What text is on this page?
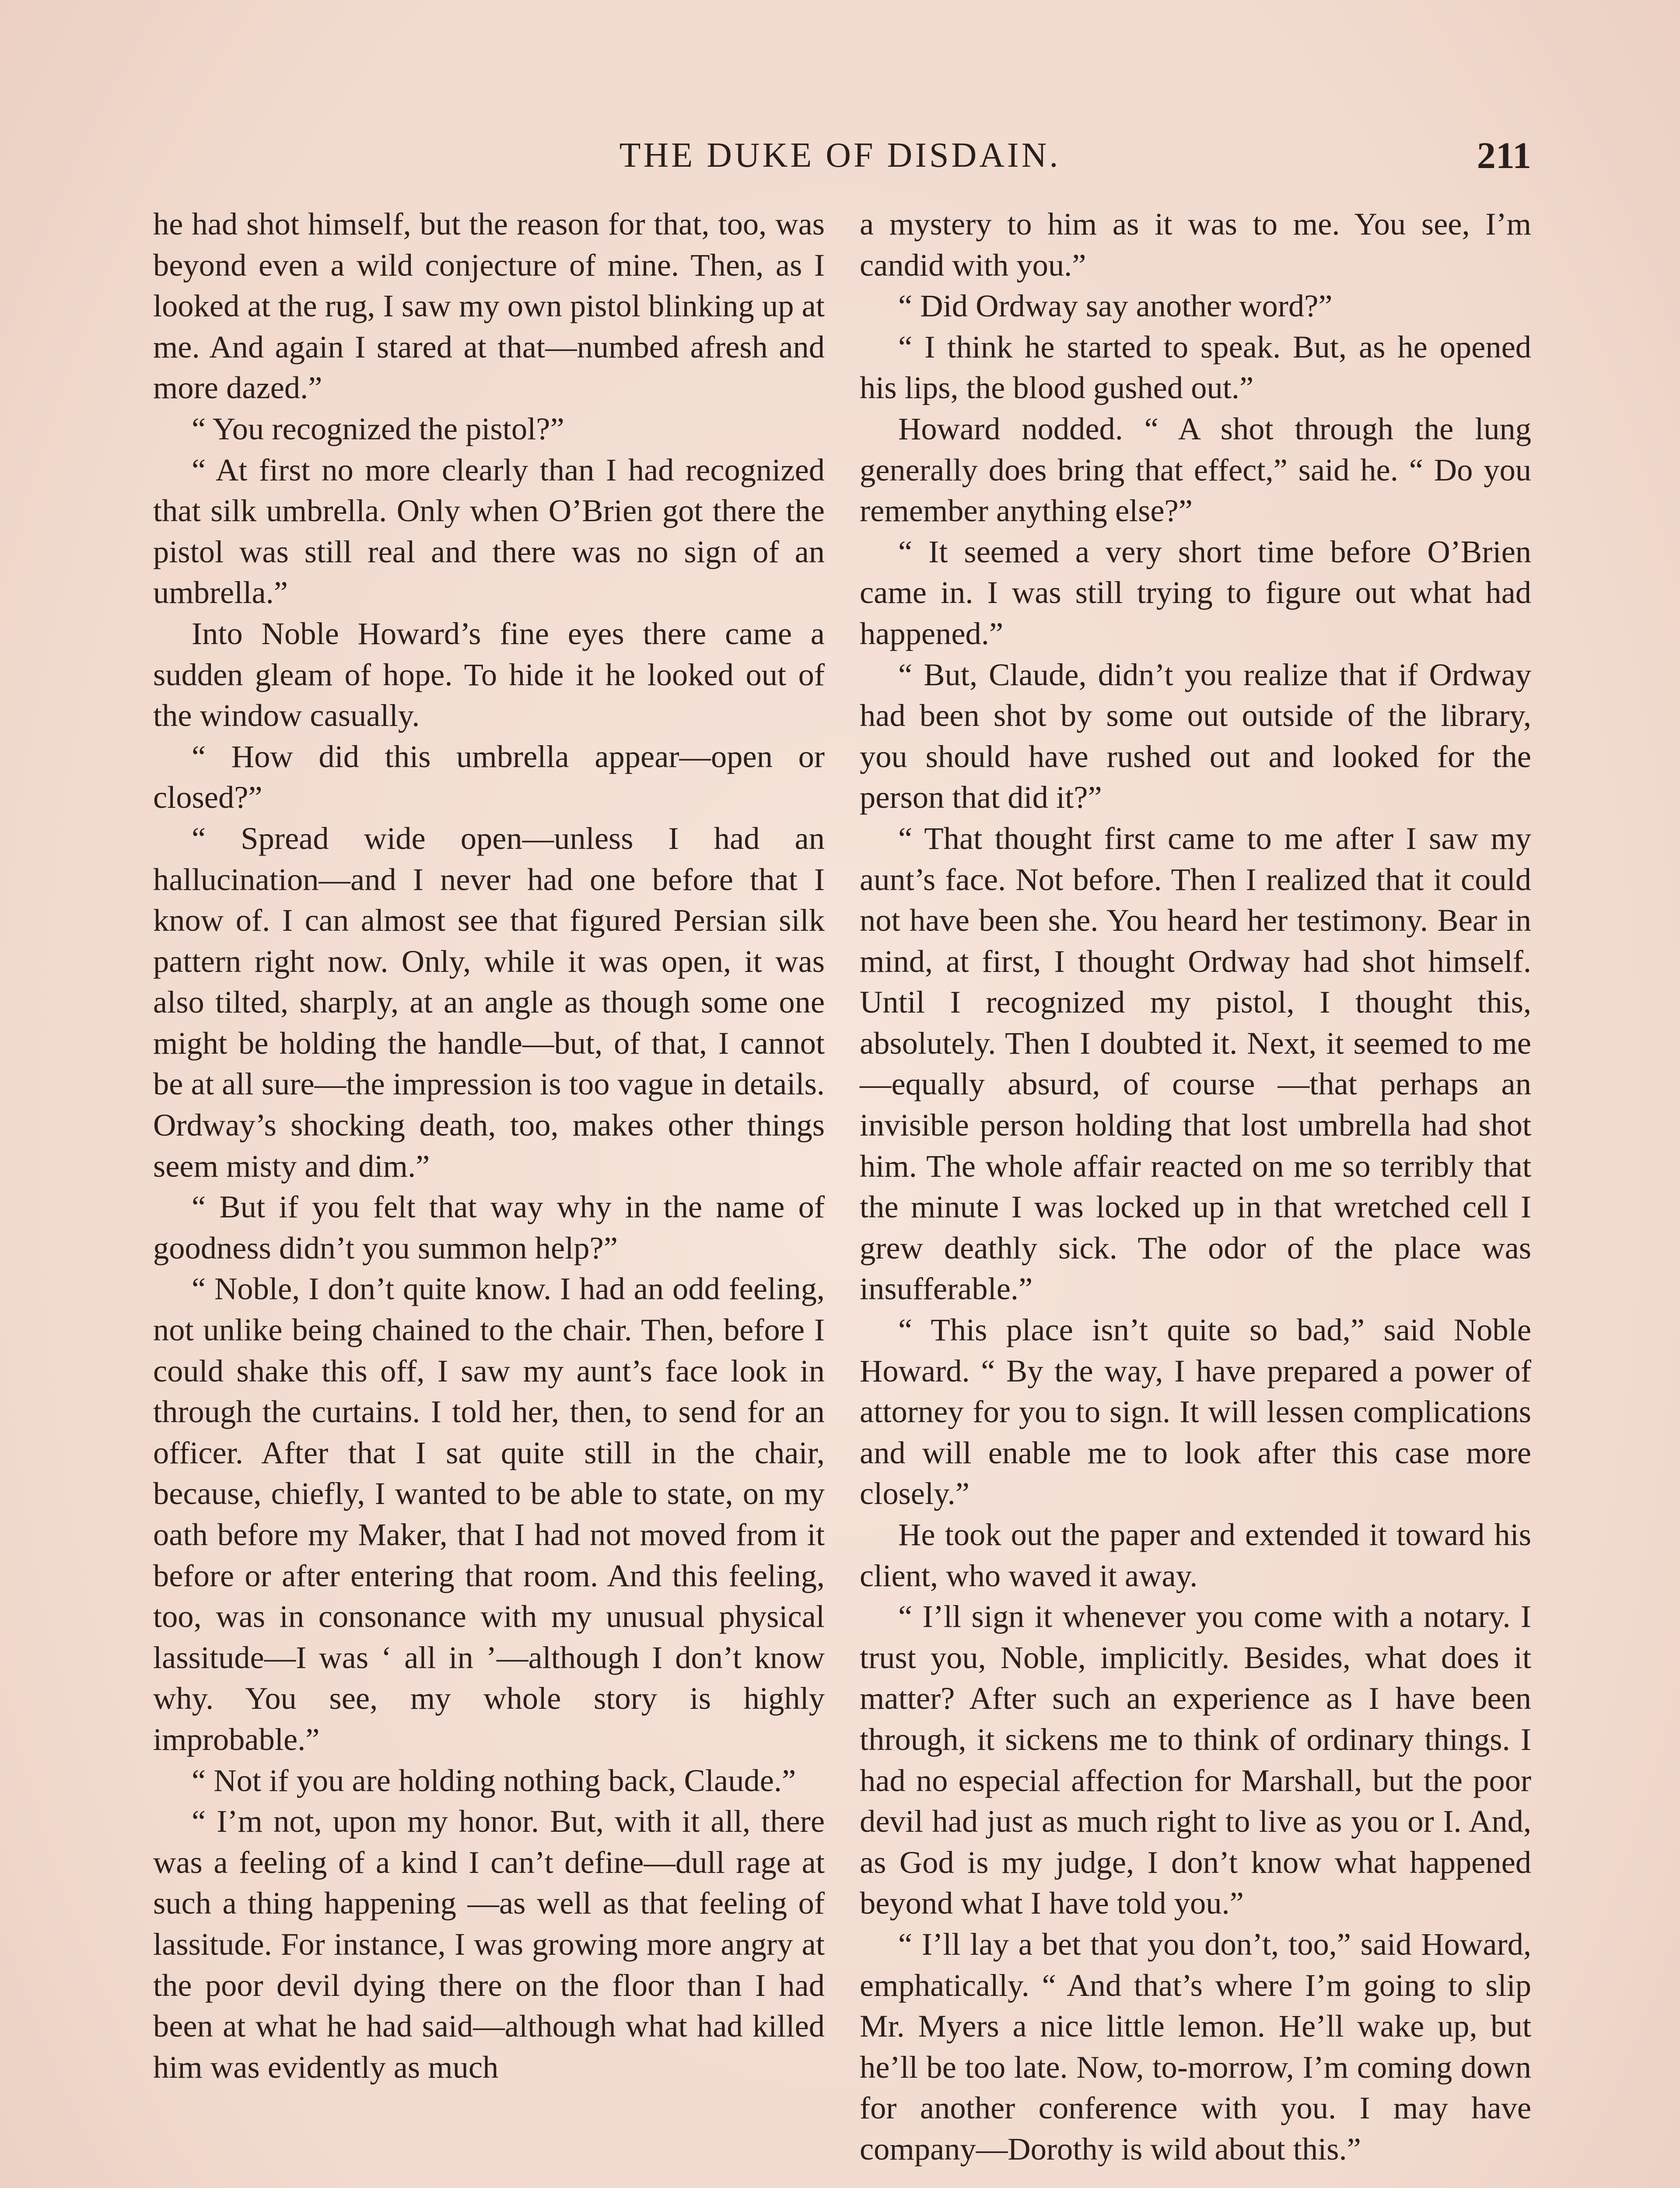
THE DUKE OF DISDAIN.	211

he had shot himself, but the reason for that, too, was beyond even a wild conjecture of mine. Then, as I looked at the rug, I saw my own pistol blinking up at me. And again I stared at that—numbed afresh and more dazed.”

“ You recognized the pistol?”

“ At first no more clearly than I had recognized that silk umbrella. Only when O’Brien got there the pistol was still real and there was no sign of an umbrella.”

Into Noble Howard’s fine eyes there came a sudden gleam of hope. To hide it he looked out of the window casually.

“ How did this umbrella appear—open or closed?”

“ Spread wide open—unless I had an hallucination—and I never had one before that I know of. I can almost see that figured Persian silk pattern right now. Only, while it was open, it was also tilted, sharply, at an angle as though some one might be holding the handle—but, of that, I cannot be at all sure—the impression is too vague in details. Ordway’s shocking death, too, makes other things seem misty and dim.”

“ But if you felt that way why in the name of goodness didn’t you summon help?”

“ Noble, I don’t quite know. I had an odd feeling, not unlike being chained to the chair. Then, before I could shake this off, I saw my aunt’s face look in through the curtains. I told her, then, to send for an officer. After that I sat quite still in the chair, because, chiefly, I wanted to be able to state, on my oath before my Maker, that I had not moved from it before or after entering that room. And this feeling, too, was in consonance with my unusual physical lassitude—I was ‘ all in ’—although I don’t know why. You see, my whole story is highly improbable.”

“ Not if you are holding nothing back, Claude.”

“ I’m not, upon my honor. But, with it all, there was a feeling of a kind I can’t define—dull rage at such a thing happening —as well as that feeling of lassitude. For instance, I was growing more angry at the poor devil dying there on the floor than I had been at what he had said—although what had killed him was evidently as much

a mystery to him as it was to me. You see, I’m candid with you.”

“ Did Ordway say another word?”

“ I think he started to speak. But, as he opened his lips, the blood gushed out.”

Howard nodded. “ A shot through the lung generally does bring that effect,” said he. “ Do you remember anything else?”

“ It seemed a very short time before O’Brien came in. I was still trying to figure out what had happened.”

“ But, Claude, didn’t you realize that if Ordway had been shot by some out outside of the library, you should have rushed out and looked for the person that did it?”

“ That thought first came to me after I saw my aunt’s face. Not before. Then I realized that it could not have been she. You heard her testimony. Bear in mind, at first, I thought Ordway had shot himself. Until I recognized my pistol, I thought this, absolutely. Then I doubted it. Next, it seemed to me—equally absurd, of course —that perhaps an invisible person holding that lost umbrella had shot him. The whole affair reacted on me so terribly that the minute I was locked up in that wretched cell I grew deathly sick. The odor of the place was insufferable.”

“ This place isn’t quite so bad,” said Noble Howard. “ By the way, I have prepared a power of attorney for you to sign. It will lessen complications and will enable me to look after this case more closely.”

He took out the paper and extended it toward his client, who waved it away.

“ I’ll sign it whenever you come with a notary. I trust you, Noble, implicitly. Besides, what does it matter? After such an experience as I have been through, it sickens me to think of ordinary things. I had no especial affection for Marshall, but the poor devil had just as much right to live as you or I. And, as God is my judge, I don’t know what happened beyond what I have told you.”

“ I’ll lay a bet that you don’t, too,” said Howard, emphatically. “ And that’s where I’m going to slip Mr. Myers a nice little lemon. He’ll wake up, but he’ll be too late. Now, to-morrow, I’m coming down for another conference with you. I may have company—Dorothy is wild about this.”
